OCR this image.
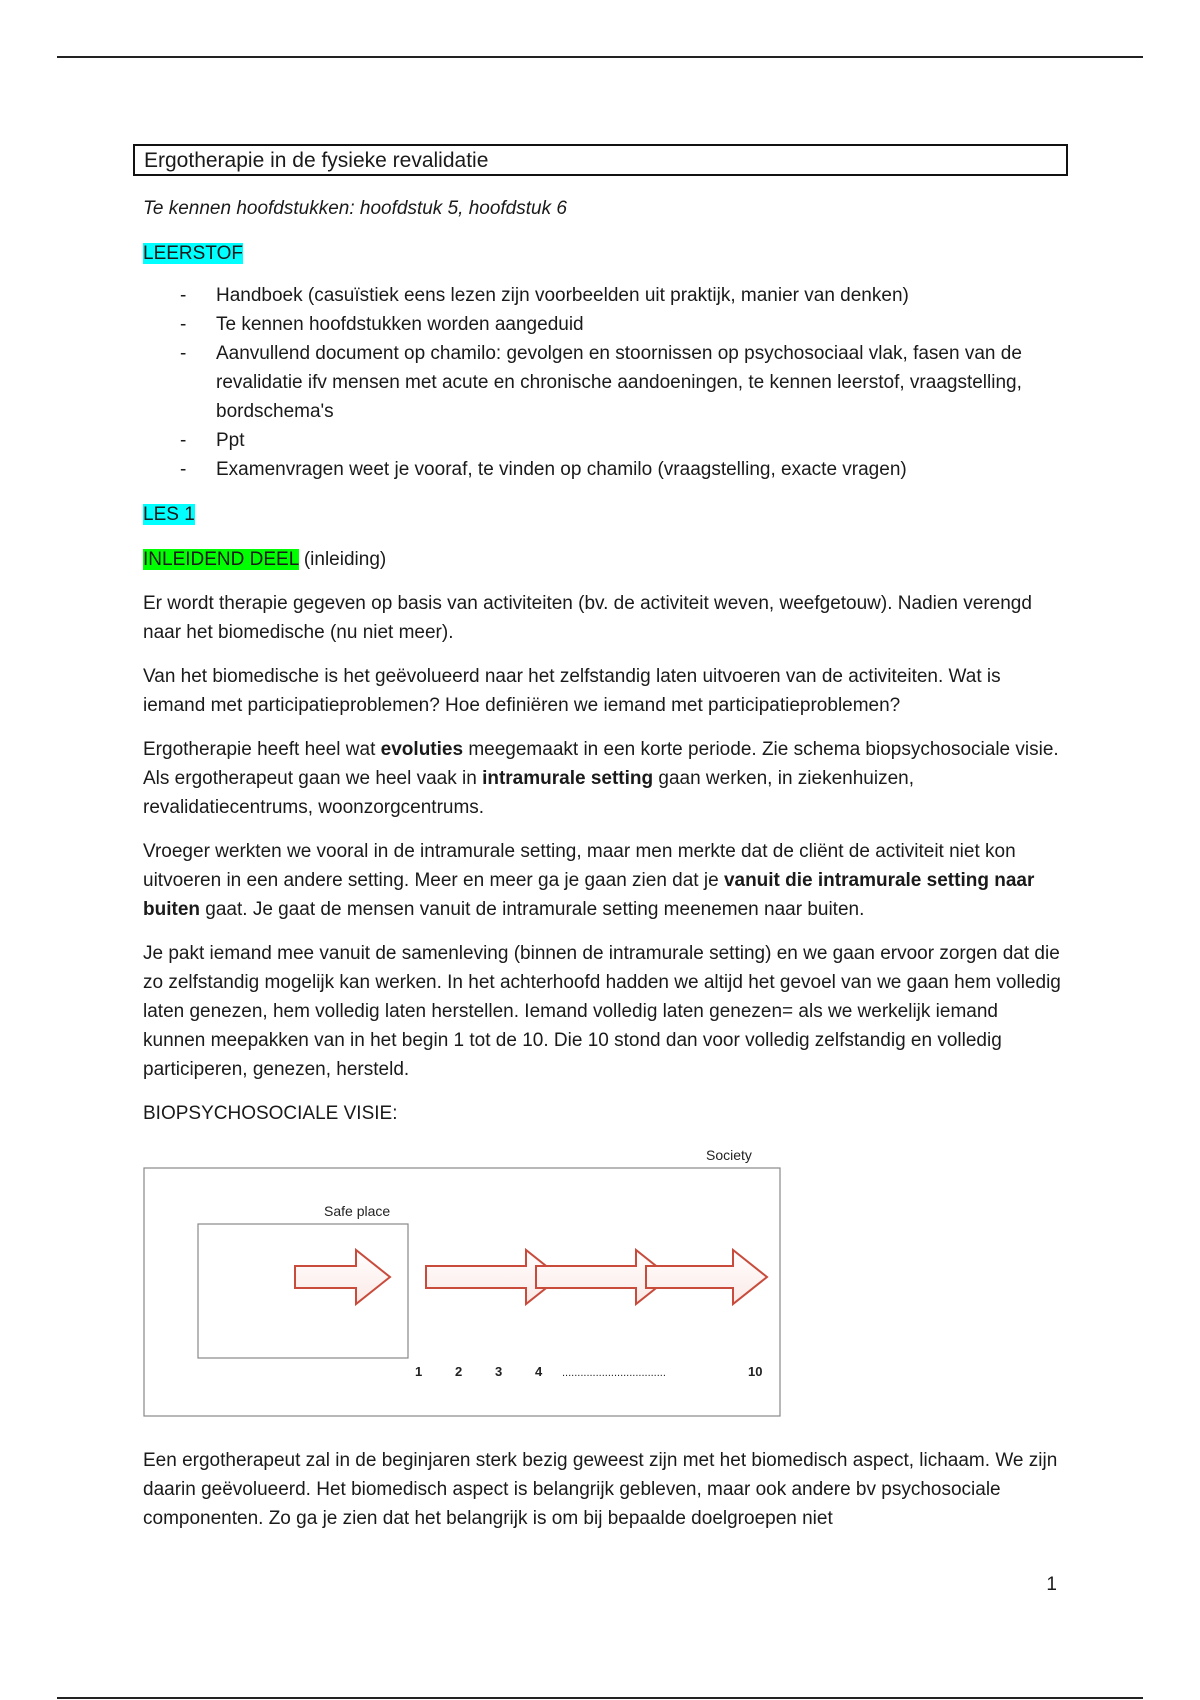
Ergotherapie in de fysieke revalidatie

Te kennen hoofdstukken: hoofdstuk 5, hoofdstuk 6

LEERSTOF

- Handboek (casuïstiek eens lezen zijn voorbeelden uit praktijk, manier van denken)
- Te kennen hoofdstukken worden aangeduid
- Aanvullend document op chamilo: gevolgen en stoornissen op psychosociaal vlak, fasen van de revalidatie ifv mensen met acute en chronische aandoeningen, te kennen leerstof, vraagstelling, bordschema's
- Ppt
- Examenvragen weet je vooraf, te vinden op chamilo (vraagstelling, exacte vragen)

LES 1

INLEIDEND DEEL (inleiding)

Er wordt therapie gegeven op basis van activiteiten (bv. de activiteit weven, weefgetouw). Nadien verengd naar het biomedische (nu niet meer).

Van het biomedische is het geëvolueerd naar het zelfstandig laten uitvoeren van de activiteiten. Wat is iemand met participatieproblemen? Hoe definiëren we iemand met participatieproblemen?

Ergotherapie heeft heel wat evoluties meegemaakt in een korte periode. Zie schema biopsychosociale visie. Als ergotherapeut gaan we heel vaak in intramurale setting gaan werken, in ziekenhuizen, revalidatiecentrums, woonzorgcentrums.

Vroeger werkten we vooral in de intramurale setting, maar men merkte dat de cliënt de activiteit niet kon uitvoeren in een andere setting. Meer en meer ga je gaan zien dat je vanuit die intramurale setting naar buiten gaat. Je gaat de mensen vanuit de intramurale setting meenemen naar buiten.

Je pakt iemand mee vanuit de samenleving (binnen de intramurale setting) en we gaan ervoor zorgen dat die zo zelfstandig mogelijk kan werken. In het achterhoofd hadden we altijd het gevoel van we gaan hem volledig laten genezen, hem volledig laten herstellen. Iemand volledig laten genezen= als we werkelijk iemand kunnen meepakken van in het begin 1 tot de 10. Die 10 stond dan voor volledig zelfstandig en volledig participeren, genezen, hersteld.

BIOPSYCHOSOCIALE VISIE:

Society
Safe place
1	2	3	4 ..................................	10

Een ergotherapeut zal in de beginjaren sterk bezig geweest zijn met het biomedisch aspect, lichaam. We zijn daarin geëvolueerd. Het biomedisch aspect is belangrijk gebleven, maar ook andere bv psychosociale componenten. Zo ga je zien dat het belangrijk is om bij bepaalde doelgroepen niet

1
